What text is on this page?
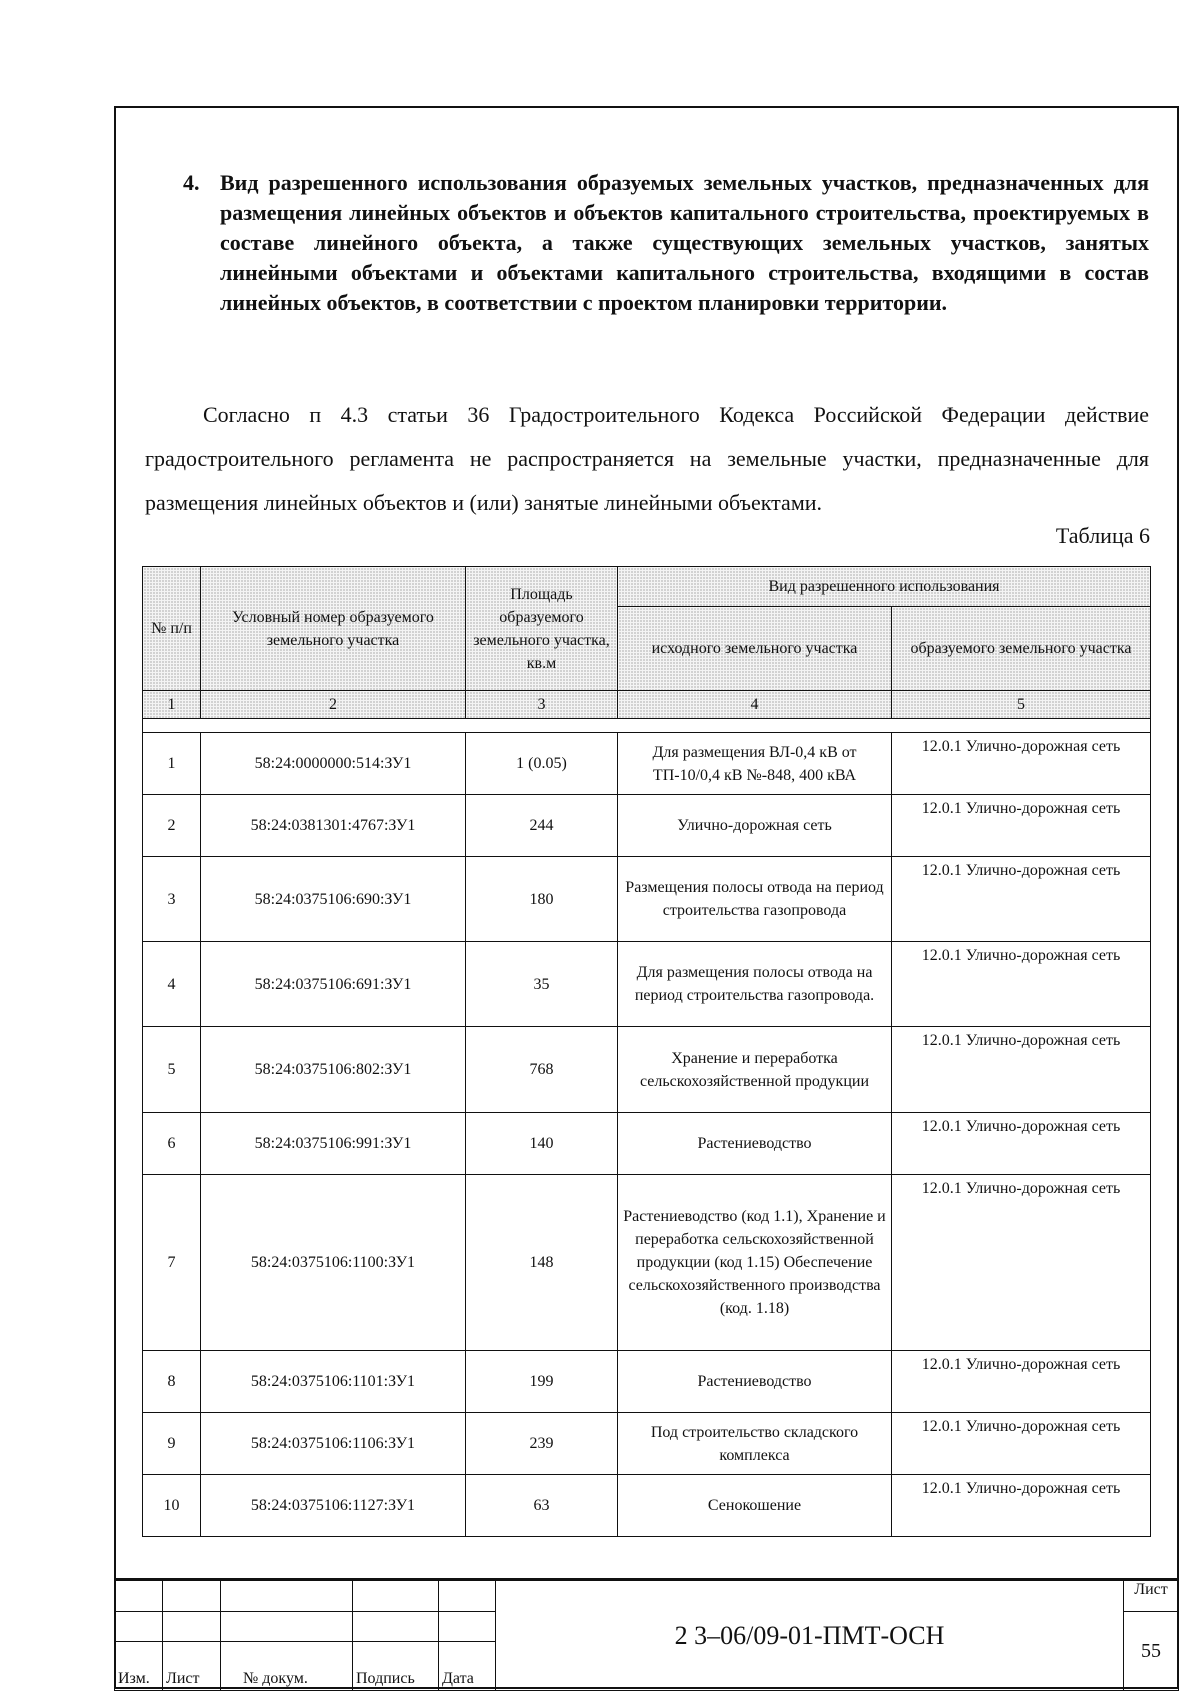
4. Вид разрешенного использования образуемых земельных участков, предназначенных для размещения линейных объектов и объектов капитального строительства, проектируемых в составе линейного объекта, а также существующих земельных участков, занятых линейными объектами и объектами капитального строительства, входящими в состав линейных объектов, в соответствии с проектом планировки территории.
Согласно п 4.3 статьи 36 Градостроительного Кодекса Российской Федерации действие градостроительного регламента не распространяется на земельные участки, предназначенные для размещения линейных объектов и (или) занятые линейными объектами.
Таблица 6
№ п/п	Условный номер образуемого земельного участка	Площадь образуемого земельного участка, кв.м	Вид разрешенного использования	
			исходного земельного участка	образуемого земельного участка
1	2	3	4	5

1	58:24:0000000:514:ЗУ1	1 (0.05)	Для размещения ВЛ-0,4 кВ от ТП-10/0,4 кВ №-848, 400 кВА	12.0.1 Улично-дорожная сеть
2	58:24:0381301:4767:ЗУ1	244	Улично-дорожная сеть	12.0.1 Улично-дорожная сеть
3	58:24:0375106:690:ЗУ1	180	Размещения полосы отвода на период строительства газопровода	12.0.1 Улично-дорожная сеть
4	58:24:0375106:691:ЗУ1	35	Для размещения полосы отвода на период строительства газопровода.	12.0.1 Улично-дорожная сеть
5	58:24:0375106:802:ЗУ1	768	Хранение и переработка сельскохозяйственной продукции	12.0.1 Улично-дорожная сеть
6	58:24:0375106:991:ЗУ1	140	Растениеводство	12.0.1 Улично-дорожная сеть
7	58:24:0375106:1100:ЗУ1	148	Растениеводство (код 1.1), Хранение и переработка сельскохозяйственной продукции (код 1.15) Обеспечение сельскохозяйственного производства (код. 1.18)	12.0.1 Улично-дорожная сеть
8	58:24:0375106:1101:ЗУ1	199	Растениеводство	12.0.1 Улично-дорожная сеть
9	58:24:0375106:1106:ЗУ1	239	Под строительство складского комплекса	12.0.1 Улично-дорожная сеть
10	58:24:0375106:1127:ЗУ1	63	Сенокошение	12.0.1 Улично-дорожная сеть
					2 3–06/09-01-ПМТ-ОСН	Лист
						55
Изм.	Лист	№ докум.	Подпись	Дата		
